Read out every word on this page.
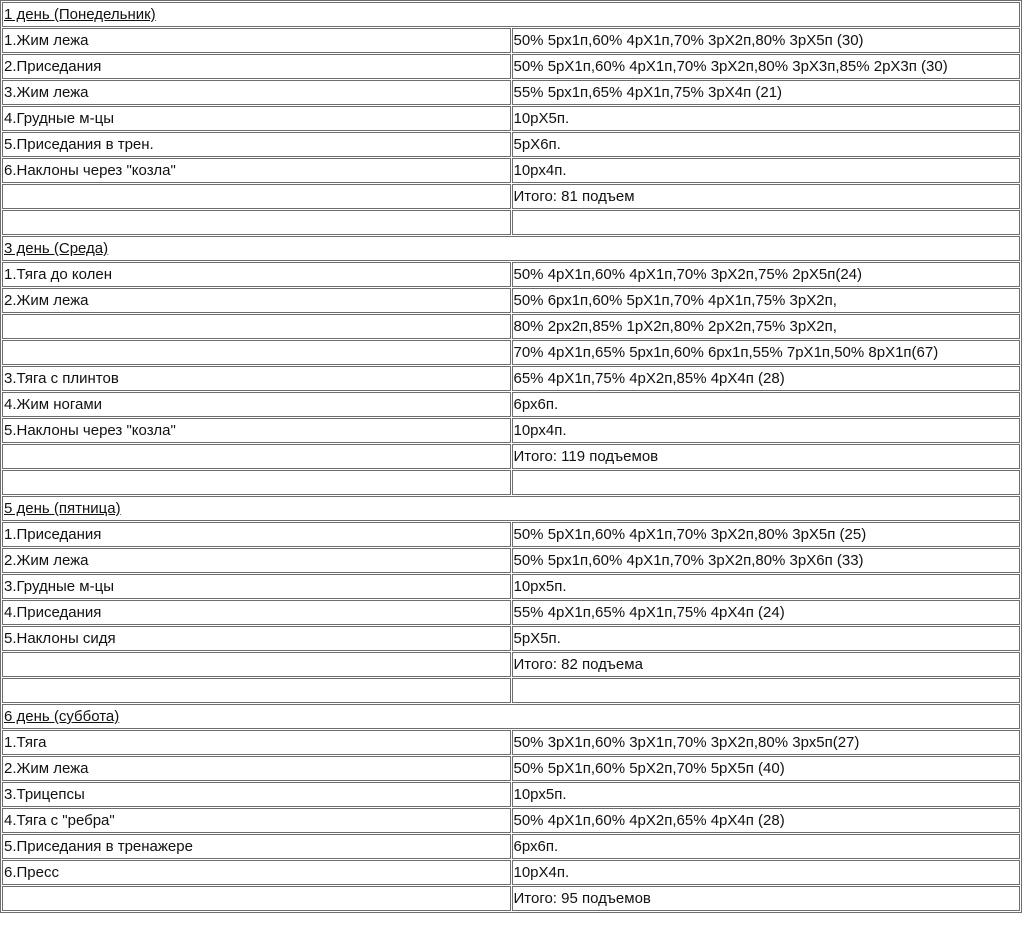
1 день (Понедельник)	
1.Жим лежа	50% 5рх1п,60% 4рХ1п,70% 3рХ2п,80% 3рХ5п (30)
2.Приседания	50% 5рХ1п,60% 4рХ1п,70% 3рХ2п,80% 3рХ3п,85% 2рХ3п (30)
3.Жим лежа	55% 5рх1п,65% 4рХ1п,75% 3рХ4п (21)
4.Грудные м-цы	10рХ5п.
5.Приседания в трен.	5рХ6п.
6.Наклоны через "козла"	10рх4п.
	Итого: 81 подъем

3 день (Среда)	
1.Тяга до колен	50% 4рХ1п,60% 4рХ1п,70% 3рХ2п,75% 2рХ5п(24)
2.Жим лежа	50% 6рх1п,60% 5рХ1п,70% 4рХ1п,75% 3рХ2п,
	80% 2рх2п,85% 1рХ2п,80% 2рХ2п,75% 3рХ2п,
	70% 4рХ1п,65% 5рх1п,60% 6рх1п,55% 7рХ1п,50% 8рХ1п(67)
3.Тяга с плинтов	65% 4рХ1п,75% 4рХ2п,85% 4рХ4п (28)
4.Жим ногами	6рх6п.
5.Наклоны через "козла"	10рх4п.
	Итого: 119 подъемов

5 день (пятница)	
1.Приседания	50% 5рХ1п,60% 4рХ1п,70% 3рХ2п,80% 3рХ5п (25)
2.Жим лежа	50% 5рх1п,60% 4рХ1п,70% 3рХ2п,80% 3рХ6п (33)
3.Грудные м-цы	10рх5п.
4.Приседания	55% 4рХ1п,65% 4рХ1п,75% 4рХ4п (24)
5.Наклоны сидя	5рХ5п.
	Итого: 82 подъема

6 день (суббота)	
1.Тяга	50% 3рХ1п,60% 3рХ1п,70% 3рХ2п,80% 3рх5п(27)
2.Жим лежа	50% 5рХ1п,60% 5рХ2п,70% 5рХ5п (40)
3.Трицепсы	10рх5п.
4.Тяга с "ребра"	50% 4рХ1п,60% 4рХ2п,65% 4рХ4п (28)
5.Приседания в тренажере	6рх6п.
6.Пресс	10рХ4п.
	Итого: 95 подъемов
